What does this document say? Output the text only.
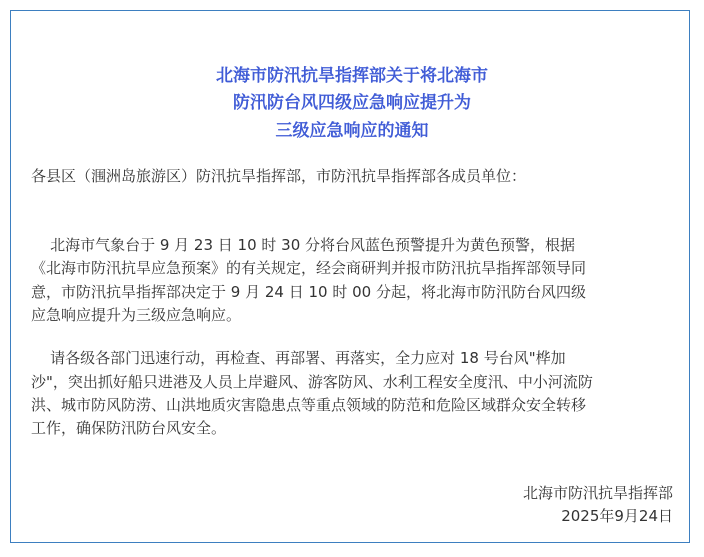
北海市防汛抗旱指挥部关于将北海市
防汛防台风四级应急响应提升为
三级应急响应的通知
各县区（涠洲岛旅游区）防汛抗旱指挥部，市防汛抗旱指挥部各成员单位：
北海市气象台于 9 月 23 日 10 时 30 分将台风蓝色预警提升为黄色预警，根据
《北海市防汛抗旱应急预案》的有关规定，经会商研判并报市防汛抗旱指挥部领导同
意，市防汛抗旱指挥部决定于 9 月 24 日 10 时 00 分起，将北海市防汛防台风四级
应急响应提升为三级应急响应。
请各级各部门迅速行动，再检查、再部署、再落实，全力应对 18 号台风"桦加
沙"，突出抓好船只进港及人员上岸避风、游客防风、水利工程安全度汛、中小河流防
洪、城市防风防涝、山洪地质灾害隐患点等重点领域的防范和危险区域群众安全转移
工作，确保防汛防台风安全。
北海市防汛抗旱指挥部
2025年9月24日
